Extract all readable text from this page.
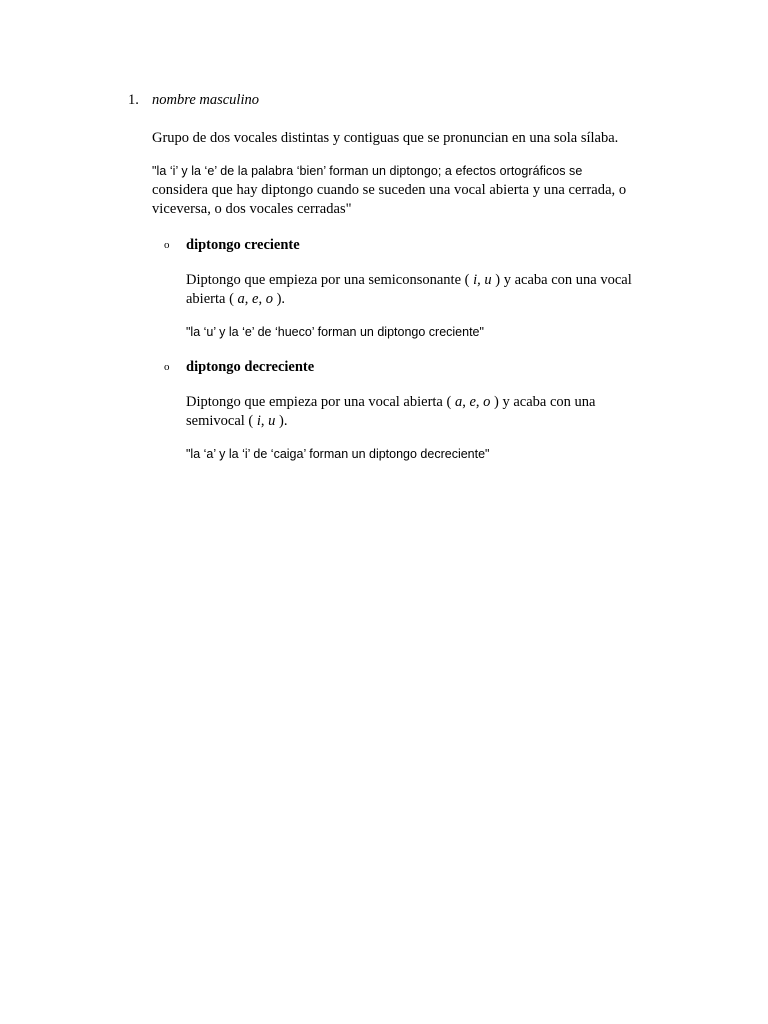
1. nombre masculino
Grupo de dos vocales distintas y contiguas que se pronuncian en una sola sílaba.
"la ‘i’ y la ‘e’ de la palabra ‘bien’ forman un diptongo; a efectos ortográficos se
considera que hay diptongo cuando se suceden una vocal abierta y una cerrada, o
viceversa, o dos vocales cerradas"
o	diptongo creciente
Diptongo que empieza por una semiconsonante ( i, u ) y acaba con una vocal
abierta ( a, e, o ).
"la ‘u’ y la ‘e’ de ‘hueco’ forman un diptongo creciente"
o	diptongo decreciente
Diptongo que empieza por una vocal abierta ( a, e, o ) y acaba con una
semivocal ( i, u ).
"la ‘a’ y la ‘i’ de ‘caiga’ forman un diptongo decreciente"
